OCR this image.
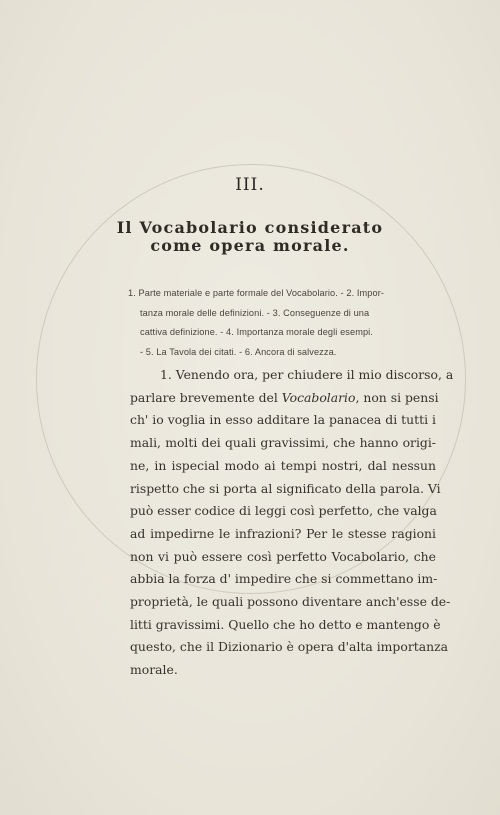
III.
Il Vocabolario considerato
come opera morale.
1. Parte materiale e parte formale del Vocabolario. - 2. Impor-
tanza morale delle definizioni. - 3. Conseguenze di una
cattiva definizione. - 4. Importanza morale degli esempi.
- 5. La Tavola dei citati. - 6. Ancora di salvezza.
1. Venendo ora, per chiudere il mio discorso, a
parlare brevemente del Vocabolario, non si pensi
ch' io voglia in esso additare la panacea di tutti i
mali, molti dei quali gravissimi, che hanno origi-
ne, in ispecial modo ai tempi nostri, dal nessun
rispetto che si porta al significato della parola. Vi
può esser codice di leggi così perfetto, che valga
ad impedirne le infrazioni? Per le stesse ragioni
non vi può essere così perfetto Vocabolario, che
abbia la forza d' impedire che si commettano im-
proprietà, le quali possono diventare anch'esse de-
litti gravissimi. Quello che ho detto e mantengo è
questo, che il Dizionario è opera d'alta importanza
morale.
